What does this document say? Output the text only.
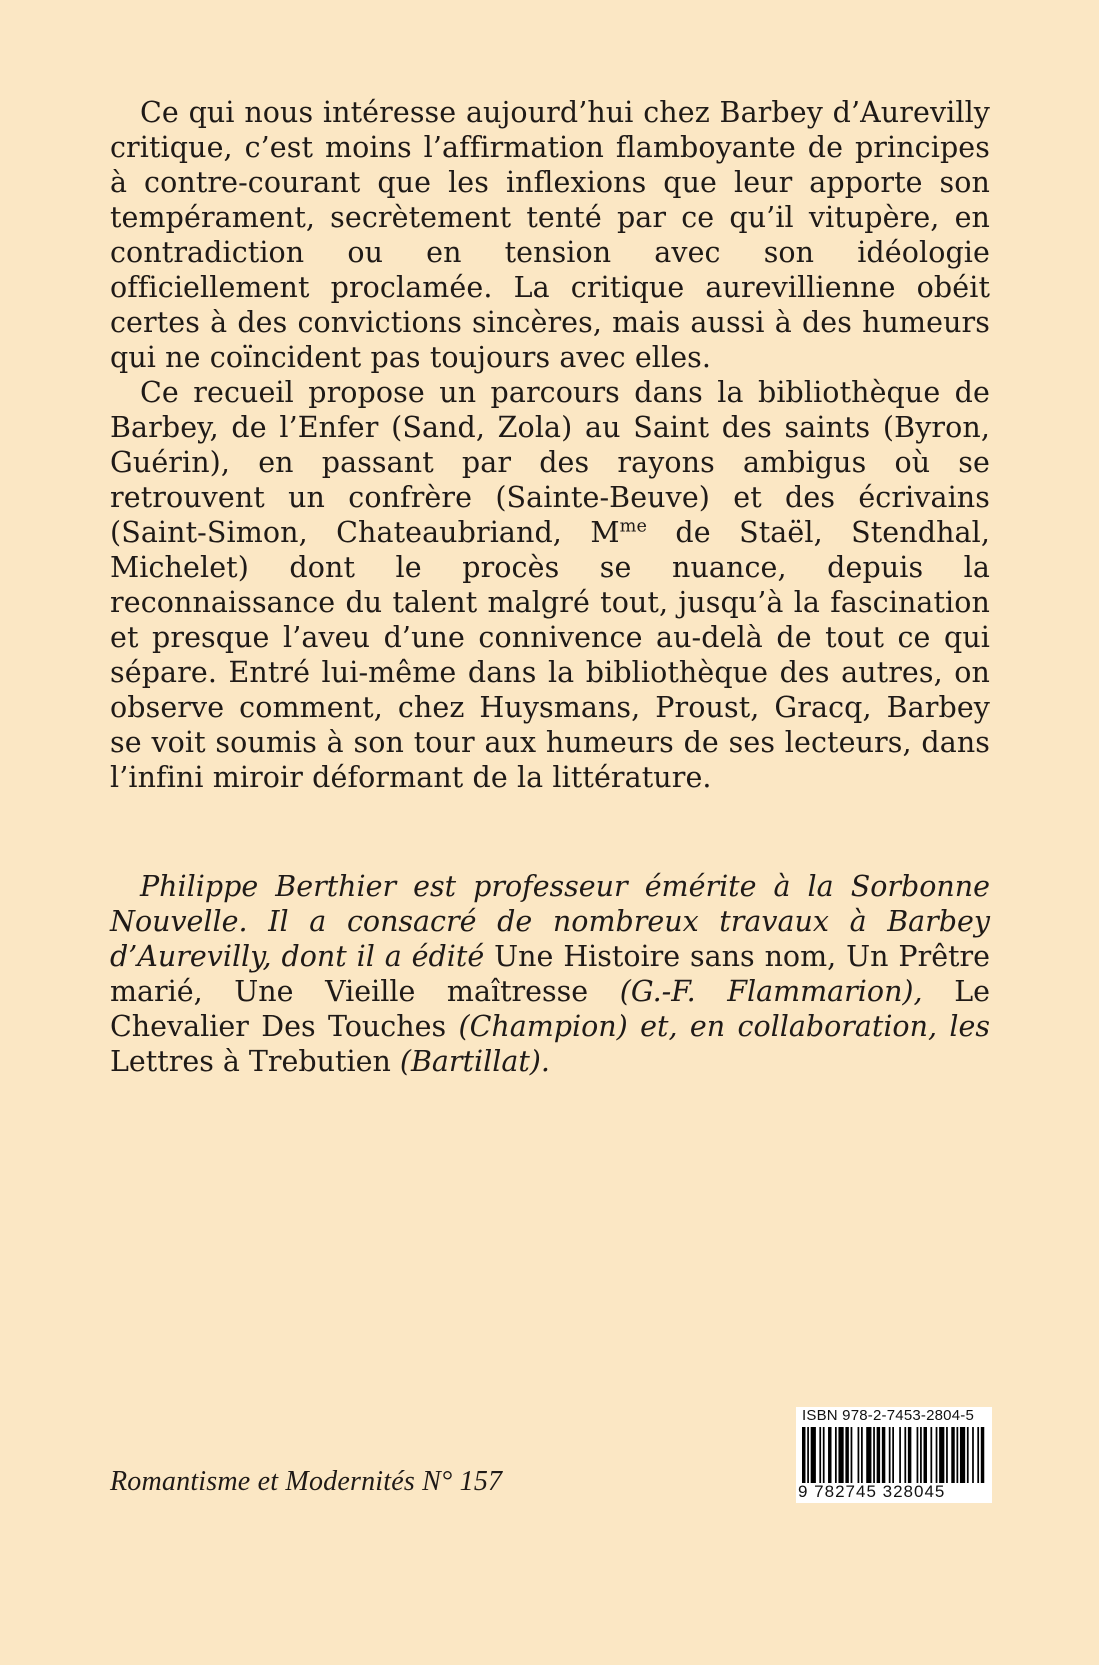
Ce qui nous intéresse aujourd’hui chez Barbey d’Aurevilly critique, c’est moins l’affirmation flamboyante de principes à contre-courant que les inflexions que leur apporte son tempérament, secrètement tenté par ce qu’il vitupère, en contradiction ou en tension avec son idéologie officiellement proclamée. La critique aurevillienne obéit certes à des convictions sincères, mais aussi à des humeurs qui ne coïncident pas toujours avec elles.

Ce recueil propose un parcours dans la bibliothèque de Barbey, de l’Enfer (Sand, Zola) au Saint des saints (Byron, Guérin), en passant par des rayons ambigus où se retrouvent un confrère (Sainte-Beuve) et des écrivains (Saint-Simon, Chateaubriand, $M^{me}$ de Staël, Stendhal, Michelet) dont le procès se nuance, depuis la reconnaissance du talent malgré tout, jusqu’à la fascination et presque l’aveu d’une connivence au-delà de tout ce qui sépare. Entré lui-même dans la bibliothèque des autres, on observe comment, chez Huysmans, Proust, Gracq, Barbey se voit soumis à son tour aux humeurs de ses lecteurs, dans l’infini miroir déformant de la littérature.

Philippe Berthier est professeur émérite à la Sorbonne Nouvelle. Il a consacré de nombreux travaux à Barbey d’Aurevilly, dont il a édité Une Histoire sans nom, Un Prêtre marié, Une Vieille maîtresse (G.-F. Flammarion), Le Chevalier Des Touches (Champion) et, en collaboration, les Lettres à Trebutien (Bartillat).

Romantisme et Modernités N° 157
ISBN 978-2-7453-2804-5
9 782745 328045
